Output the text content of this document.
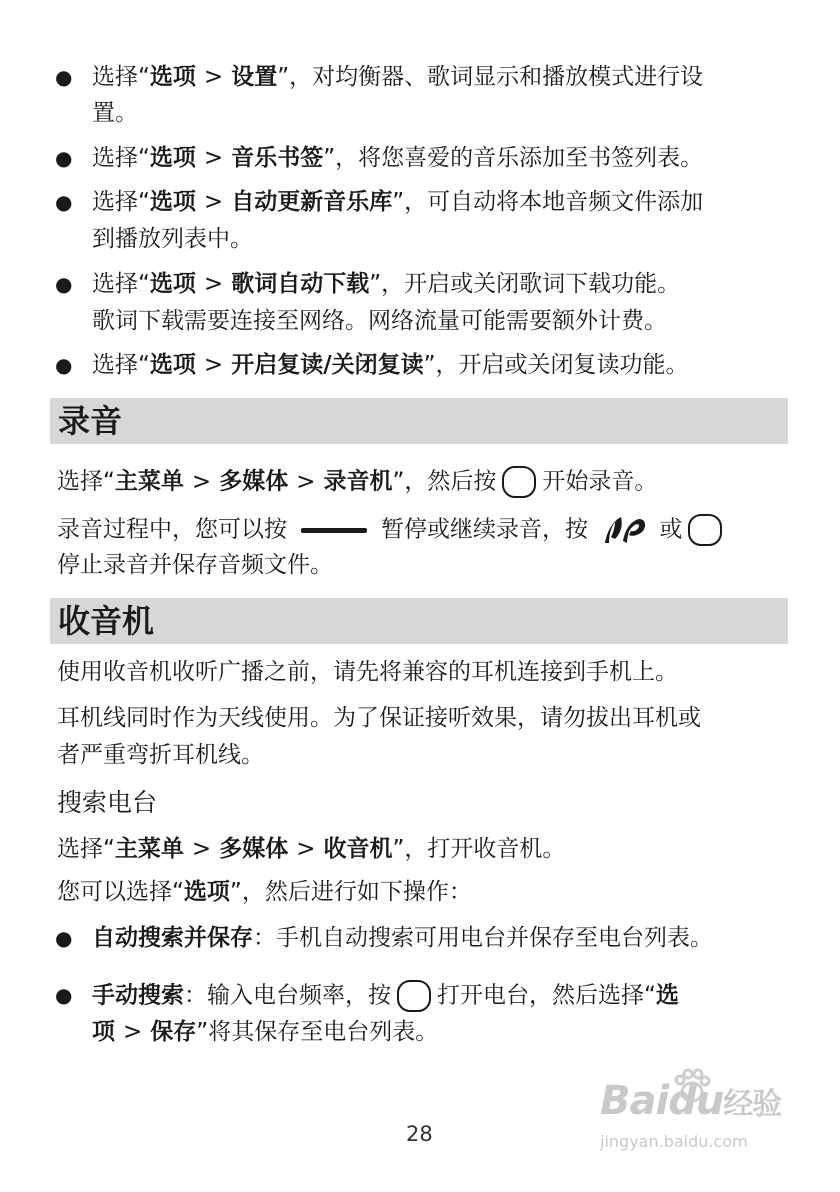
● 选择“选项 > 设置”，对均衡器、歌词显示和播放模式进行设
置。
● 选择“选项 > 音乐书签”，将您喜爱的音乐添加至书签列表。
● 选择“选项 > 自动更新音乐库”，可自动将本地音频文件添加
到播放列表中。
● 选择“选项 > 歌词自动下载”，开启或关闭歌词下载功能。
歌词下载需要连接至网络。网络流量可能需要额外计费。
● 选择“选项 > 开启复读/关闭复读”，开启或关闭复读功能。
录音
选择“主菜单 > 多媒体 > 录音机”，然后按 开始录音。
录音过程中，您可以按	暂停或继续录音，按	或
停止录音并保存音频文件。
收音机
使用收音机收听广播之前，请先将兼容的耳机连接到手机上。
耳机线同时作为天线使用。为了保证接听效果，请勿拔出耳机或
者严重弯折耳机线。
搜索电台
选择“主菜单 > 多媒体 > 收音机”，打开收音机。
您可以选择“选项”，然后进行如下操作：
● 自动搜索并保存：手机自动搜索可用电台并保存至电台列表。
● 手动搜索：输入电台频率，按 打开电台，然后选择“选
项 > 保存”将其保存至电台列表。
Baidu经验
jingyan.baidu.com
28
